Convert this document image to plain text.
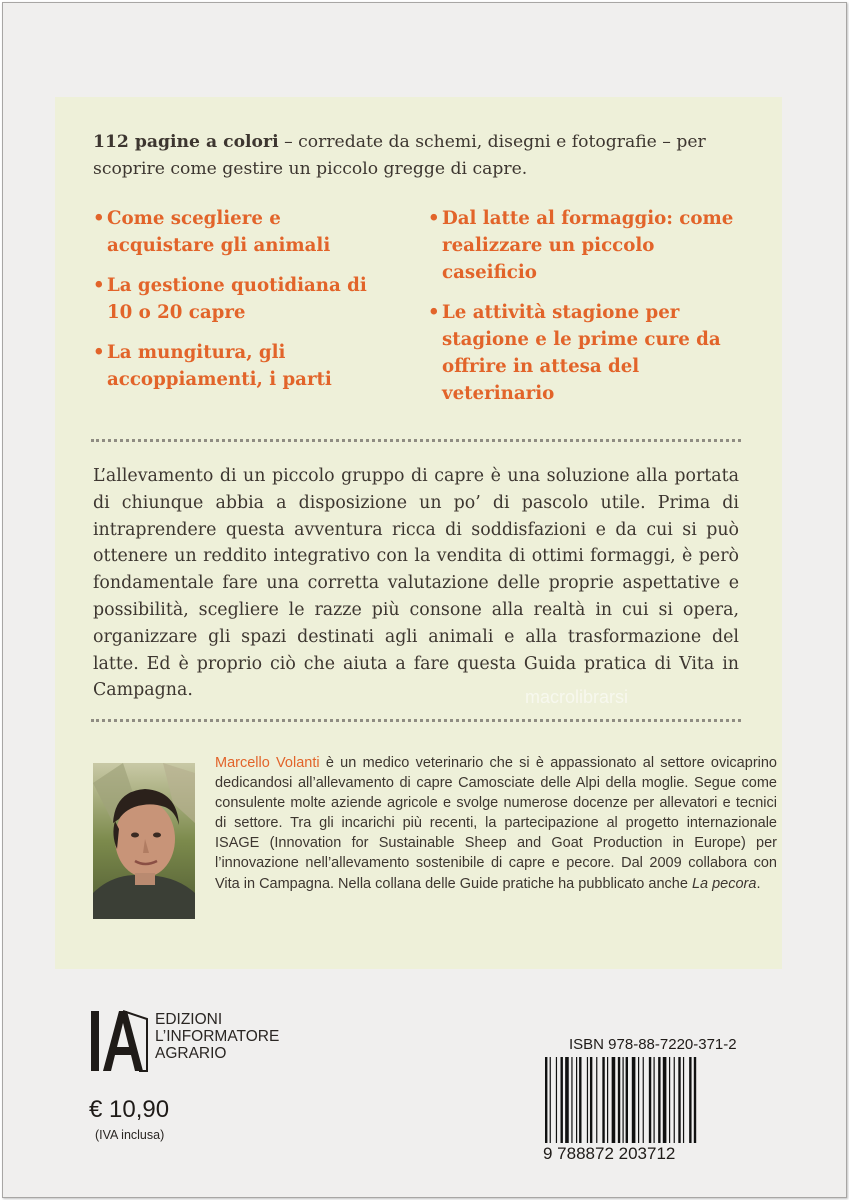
112 pagine a colori – corredate da schemi, disegni e fotografie – per scoprire come gestire un piccolo gregge di capre.

• Come scegliere e acquistare gli animali
• La gestione quotidiana di 10 o 20 capre
• La mungitura, gli accoppiamenti, i parti
• Dal latte al formaggio: come realizzare un piccolo caseificio
• Le attività stagione per stagione e le prime cure da offrire in attesa del veterinario

L’allevamento di un piccolo gruppo di capre è una soluzione alla portata di chiunque abbia a disposizione un po’ di pascolo utile. Prima di intraprendere questa avventura ricca di soddisfazioni e da cui si può ottenere un reddito integrativo con la vendita di ottimi formaggi, è però fondamentale fare una corretta valutazione delle proprie aspettative e possibilità, scegliere le razze più consone alla realtà in cui si opera, organizzare gli spazi destinati agli animali e alla trasformazione del latte. Ed è proprio ciò che aiuta a fare questa Guida pratica di Vita in Campagna.

Marcello Volanti è un medico veterinario che si è appassionato al settore ovicaprino dedicandosi all’allevamento di capre Camosciate delle Alpi della moglie. Segue come consulente molte aziende agricole e svolge numerose docenze per allevatori e tecnici di settore. Tra gli incarichi più recenti, la partecipazione al progetto internazionale ISAGE (Innovation for Sustainable Sheep and Goat Production in Europe) per l’innovazione nell’allevamento sostenibile di capre e pecore. Dal 2009 collabora con Vita in Campagna. Nella collana delle Guide pratiche ha pubblicato anche La pecora.

macrolibrarsi
EDIZIONI
L’INFORMATORE
AGRARIO
€ 10,90
(IVA inclusa)
ISBN 978-88-7220-371-2
9 788872 203712
